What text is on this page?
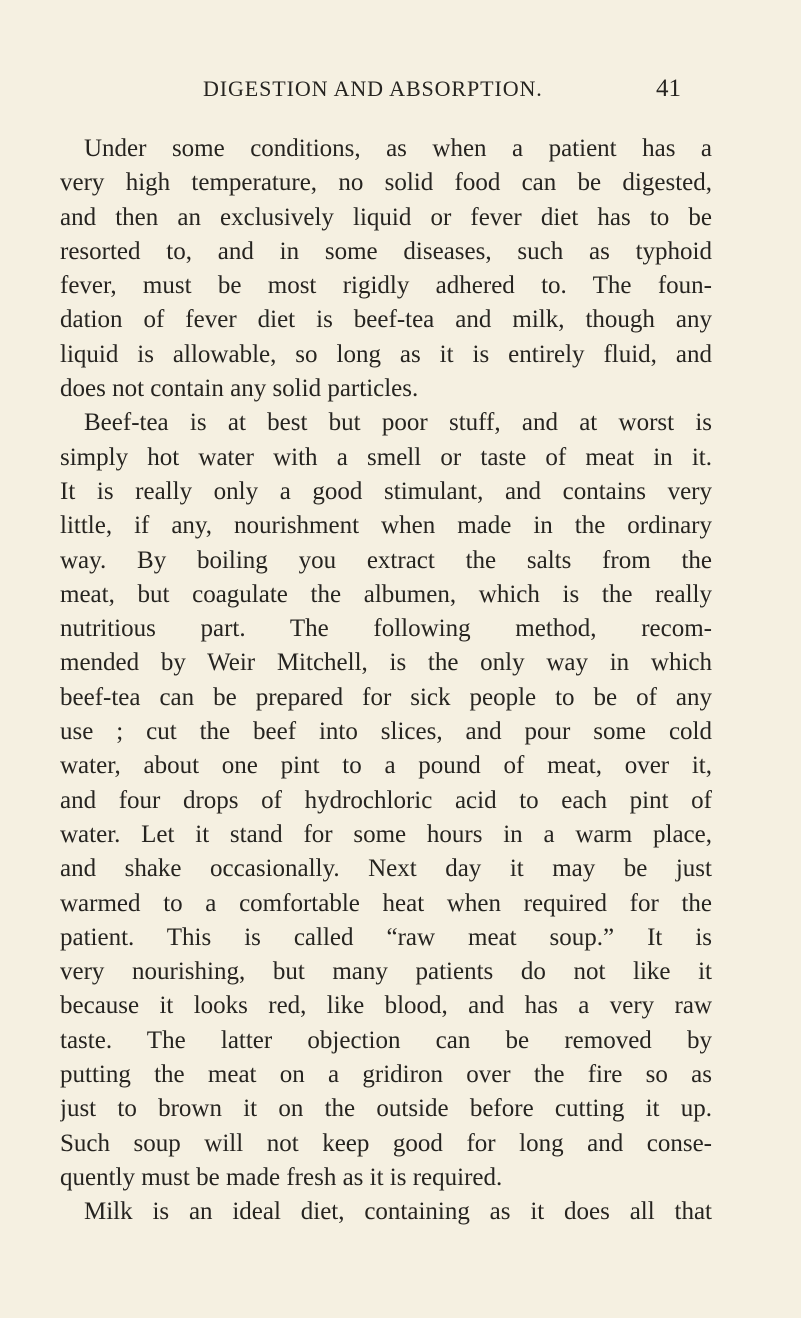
DIGESTION AND ABSORPTION.	41
Under some conditions, as when a patient has a
very high temperature, no solid food can be digested,
and then an exclusively liquid or fever diet has to be
resorted to, and in some diseases, such as typhoid
fever, must be most rigidly adhered to. The foun-
dation of fever diet is beef-tea and milk, though any
liquid is allowable, so long as it is entirely fluid, and
does not contain any solid particles.
Beef-tea is at best but poor stuff, and at worst is
simply hot water with a smell or taste of meat in it.
It is really only a good stimulant, and contains very
little, if any, nourishment when made in the ordinary
way. By boiling you extract the salts from the
meat, but coagulate the albumen, which is the really
nutritious part. The following method, recom-
mended by Weir Mitchell, is the only way in which
beef-tea can be prepared for sick people to be of any
use ; cut the beef into slices, and pour some cold
water, about one pint to a pound of meat, over it,
and four drops of hydrochloric acid to each pint of
water. Let it stand for some hours in a warm place,
and shake occasionally. Next day it may be just
warmed to a comfortable heat when required for the
patient. This is called “raw meat soup.” It is
very nourishing, but many patients do not like it
because it looks red, like blood, and has a very raw
taste. The latter objection can be removed by
putting the meat on a gridiron over the fire so as
just to brown it on the outside before cutting it up.
Such soup will not keep good for long and conse-
quently must be made fresh as it is required.
Milk is an ideal diet, containing as it does all that
